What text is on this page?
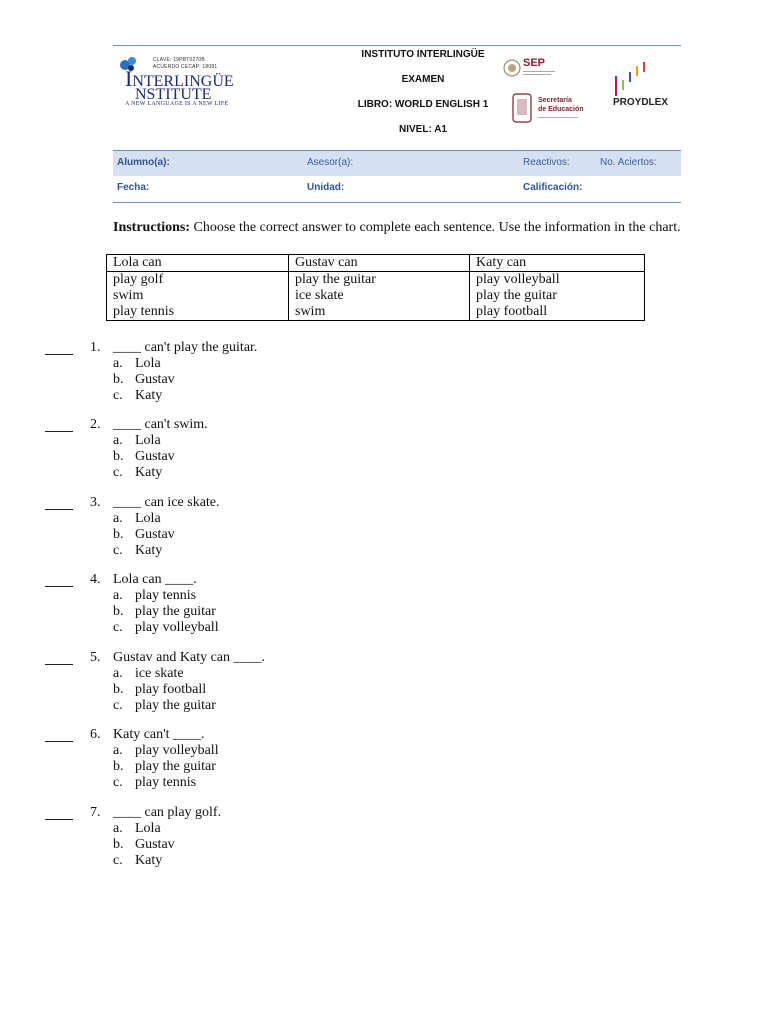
CLAVE: 19PBT0270B
ACUERDO CECAP: 18081
INTERLINGÜE
NSTITUTE
A NEW LANGUAGE IS A NEW LIFE
INSTITUTO INTERLINGÜE
EXAMEN
LIBRO: WORLD ENGLISH 1
NIVEL: A1
SEP
Secretaría
de Educación
PROYDLEX
Alumno(a):	Asesor(a):	Reactivos:	No. Aciertos:
Fecha:	Unidad:	Calificación:
Instructions: Choose the correct answer to complete each sentence. Use the information in the chart.
Lola can	Gustav can	Katy can
play golf	play the guitar	play volleyball
swim	ice skate	play the guitar
play tennis	swim	play football
1. ____ can't play the guitar.
a. Lola
b. Gustav
c. Katy
2. ____ can't swim.
a. Lola
b. Gustav
c. Katy
3. ____ can ice skate.
a. Lola
b. Gustav
c. Katy
4. Lola can ____.
a. play tennis
b. play the guitar
c. play volleyball
5. Gustav and Katy can ____.
a. ice skate
b. play football
c. play the guitar
6. Katy can't ____.
a. play volleyball
b. play the guitar
c. play tennis
7. ____ can play golf.
a. Lola
b. Gustav
c. Katy
